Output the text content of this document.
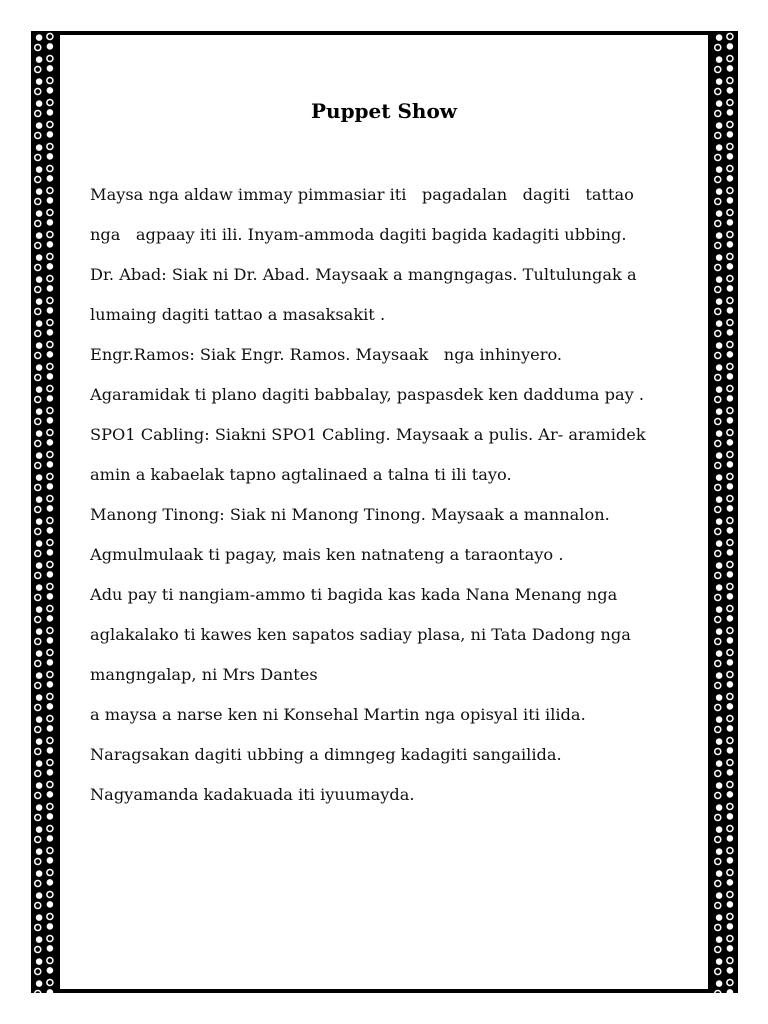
Puppet Show
Maysa nga aldaw immay pimmasiar iti   pagadalan   dagiti   tattao
nga   agpaay iti ili. Inyam-ammoda dagiti bagida kadagiti ubbing.
Dr. Abad: Siak ni Dr. Abad. Maysaak a mangngagas. Tultulungak a
lumaing dagiti tattao a masaksakit .
Engr.Ramos: Siak Engr. Ramos. Maysaak   nga inhinyero.
Agaramidak ti plano dagiti babbalay, paspasdek ken dadduma pay .
SPO1 Cabling: Siakni SPO1 Cabling. Maysaak a pulis. Ar- aramidek
amin a kabaelak tapno agtalinaed a talna ti ili tayo.
Manong Tinong: Siak ni Manong Tinong. Maysaak a mannalon.
Agmulmulaak ti pagay, mais ken natnateng a taraontayo .
Adu pay ti nangiam-ammo ti bagida kas kada Nana Menang nga
aglakalako ti kawes ken sapatos sadiay plasa, ni Tata Dadong nga
mangngalap, ni Mrs Dantes
a maysa a narse ken ni Konsehal Martin nga opisyal iti ilida.
Naragsakan dagiti ubbing a dimngeg kadagiti sangailida.
Nagyamanda kadakuada iti iyuumayda.
